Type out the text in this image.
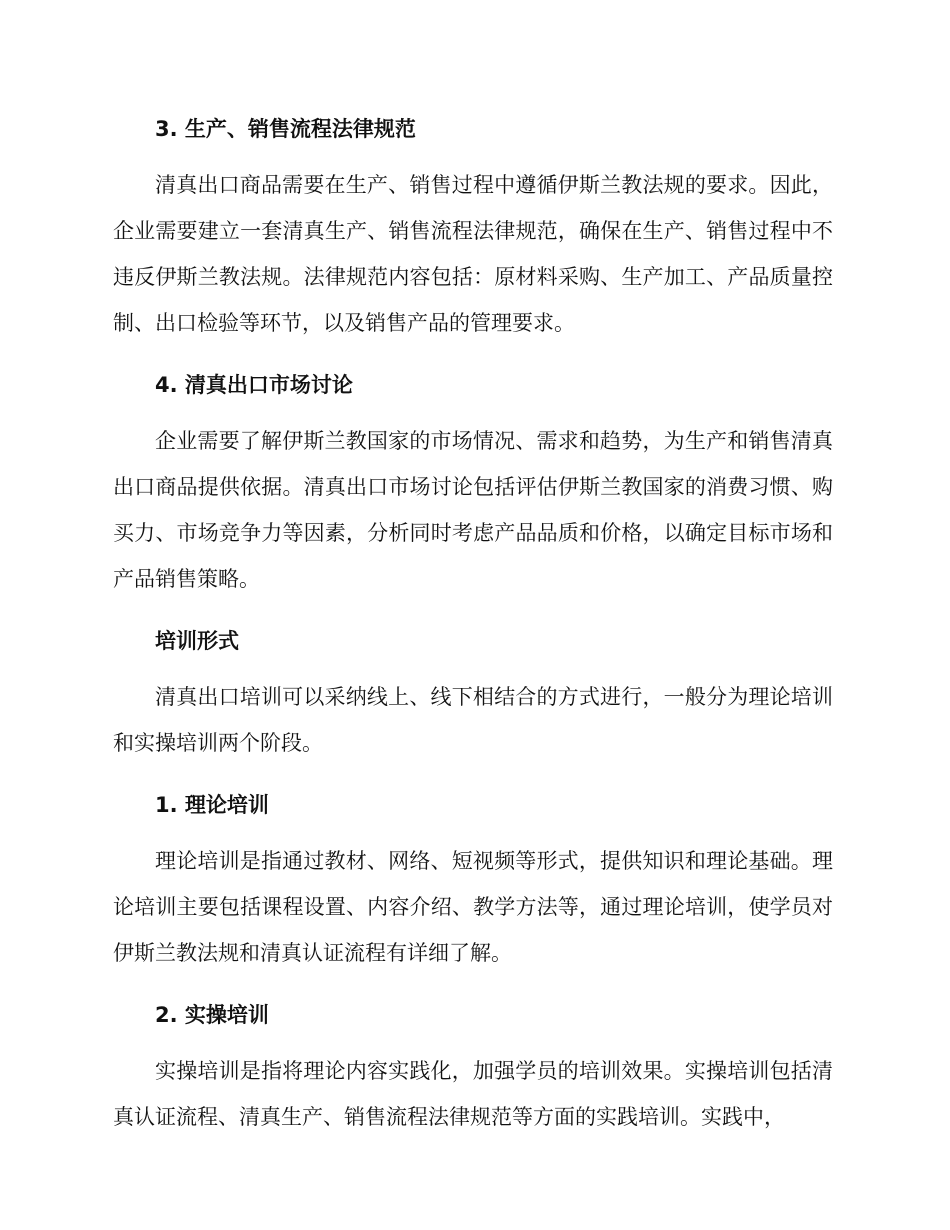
3. 生产、销售流程法律规范

清真出口商品需要在生产、销售过程中遵循伊斯兰教法规的要求。因此，企业需要建立一套清真生产、销售流程法律规范，确保在生产、销售过程中不违反伊斯兰教法规。法律规范内容包括：原材料采购、生产加工、产品质量控制、出口检验等环节，以及销售产品的管理要求。

4. 清真出口市场讨论

企业需要了解伊斯兰教国家的市场情况、需求和趋势，为生产和销售清真出口商品提供依据。清真出口市场讨论包括评估伊斯兰教国家的消费习惯、购买力、市场竞争力等因素，分析同时考虑产品品质和价格，以确定目标市场和产品销售策略。

培训形式

清真出口培训可以采纳线上、线下相结合的方式进行，一般分为理论培训和实操培训两个阶段。

1. 理论培训

理论培训是指通过教材、网络、短视频等形式，提供知识和理论基础。理论培训主要包括课程设置、内容介绍、教学方法等，通过理论培训，使学员对伊斯兰教法规和清真认证流程有详细了解。

2. 实操培训

实操培训是指将理论内容实践化，加强学员的培训效果。实操培训包括清真认证流程、清真生产、销售流程法律规范等方面的实践培训。实践中，
